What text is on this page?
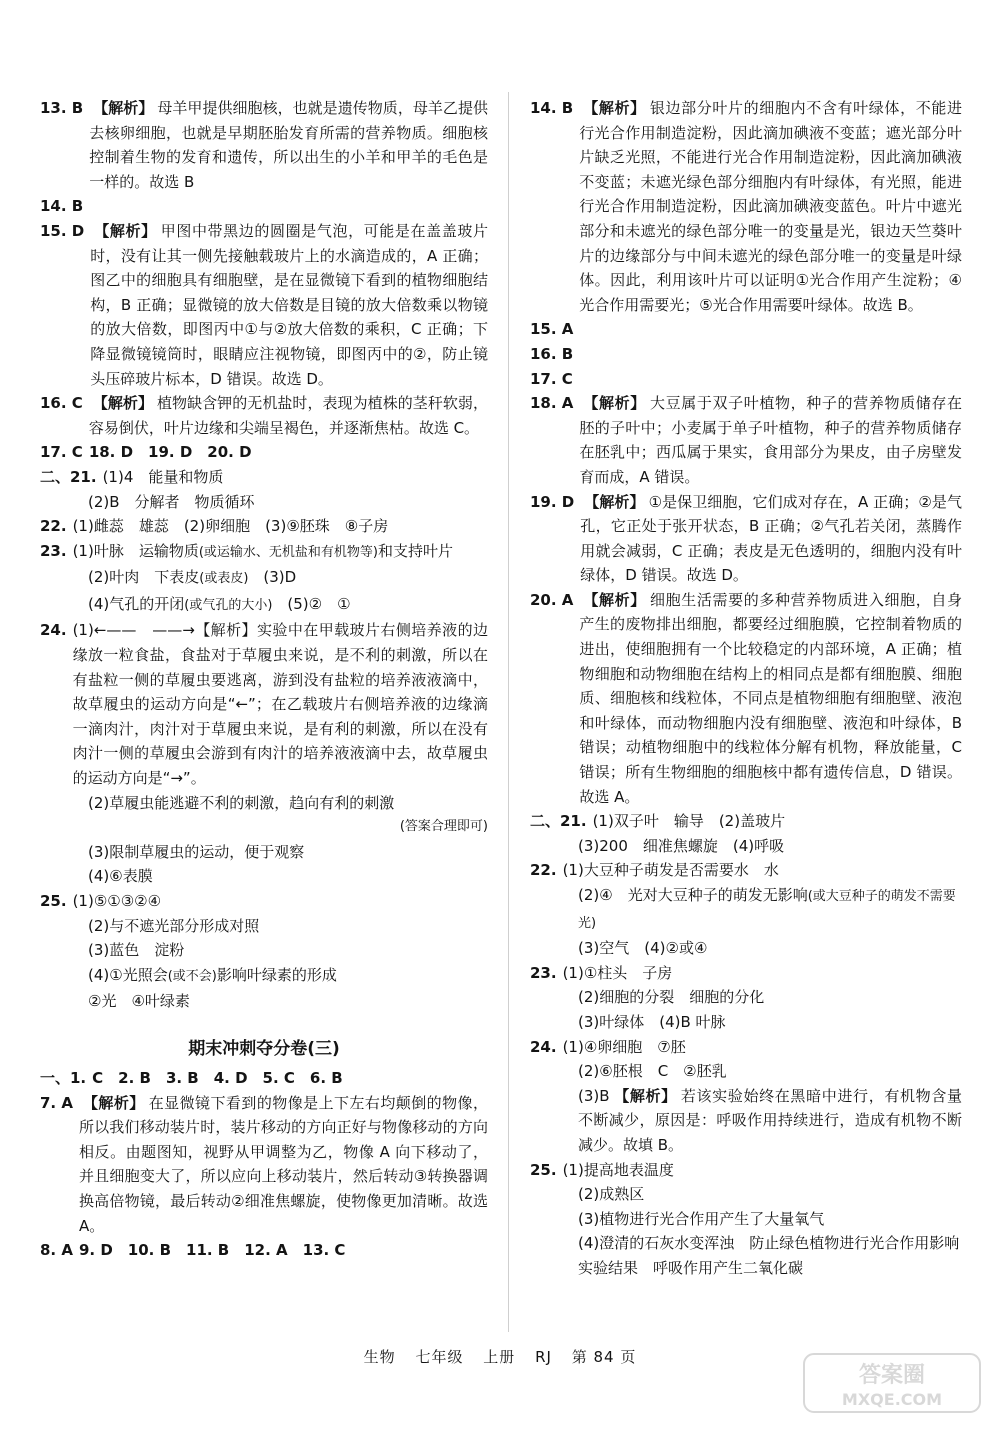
13. B 【解析】 母羊甲提供细胞核，也就是遗传物质，母羊乙提供去核卵细胞，也就是早期胚胎发育所需的营养物质。细胞核控制着生物的发育和遗传，所以出生的小羊和甲羊的毛色是一样的。故选 B
14. B
15. D 【解析】 甲图中带黑边的圆圈是气泡，可能是在盖盖玻片时，没有让其一侧先接触载玻片上的水滴造成的，A 正确；图乙中的细胞具有细胞壁，是在显微镜下看到的植物细胞结构，B 正确；显微镜的放大倍数是目镜的放大倍数乘以物镜的放大倍数，即图丙中①与②放大倍数的乘积，C 正确；下降显微镜镜筒时，眼睛应注视物镜，即图丙中的②，防止镜头压碎玻片标本，D 错误。故选 D。
16. C 【解析】 植物缺含钾的无机盐时，表现为植株的茎秆软弱，容易倒伏，叶片边缘和尖端呈褐色，并逐渐焦枯。故选 C。
17. C 18. D　19. D　20. D
二、21. (1)4　能量和物质
(2)B　分解者　物质循环
22. (1)雌蕊　雄蕊　(2)卵细胞　(3)⑨胚珠　⑧子房
23. (1)叶脉　运输物质(或运输水、无机盐和有机物等)和支持叶片
(2)叶肉　下表皮(或表皮)　(3)D
(4)气孔的开闭(或气孔的大小)　(5)②　①
24. (1)←——　——→【解析】实验中在甲载玻片右侧培养液的边缘放一粒食盐，食盐对于草履虫来说，是不利的刺激，所以在有盐粒一侧的草履虫要逃离，游到没有盐粒的培养液液滴中，故草履虫的运动方向是“←”；在乙载玻片右侧培养液的边缘滴一滴肉汁，肉汁对于草履虫来说，是有利的刺激，所以在没有肉汁一侧的草履虫会游到有肉汁的培养液液滴中去，故草履虫的运动方向是“→”。
(2)草履虫能逃避不利的刺激，趋向有利的刺激
(答案合理即可)
(3)限制草履虫的运动，便于观察
(4)⑥表膜
25. (1)⑤①③②④
(2)与不遮光部分形成对照
(3)蓝色　淀粉
(4)①光照会(或不会)影响叶绿素的形成
②光　④叶绿素
期末冲刺夺分卷(三)
一、1. C　2. B　3. B　4. D　5. C　6. B
7. A 【解析】 在显微镜下看到的物像是上下左右均颠倒的物像，所以我们移动装片时，装片移动的方向正好与物像移动的方向相反。由题图知，视野从甲调整为乙，物像 A 向下移动了，并且细胞变大了，所以应向上移动装片，然后转动③转换器调换高倍物镜，最后转动②细准焦螺旋，使物像更加清晰。故选 A。
8. A 9. D　10. B　11. B　12. A　13. C
14. B 【解析】 银边部分叶片的细胞内不含有叶绿体，不能进行光合作用制造淀粉，因此滴加碘液不变蓝；遮光部分叶片缺乏光照，不能进行光合作用制造淀粉，因此滴加碘液不变蓝；未遮光绿色部分细胞内有叶绿体，有光照，能进行光合作用制造淀粉，因此滴加碘液变蓝色。叶片中遮光部分和未遮光的绿色部分唯一的变量是光，银边天竺葵叶片的边缘部分与中间未遮光的绿色部分唯一的变量是叶绿体。因此，利用该叶片可以证明①光合作用产生淀粉；④光合作用需要光；⑤光合作用需要叶绿体。故选 B。
15. A
16. B
17. C
18. A 【解析】 大豆属于双子叶植物，种子的营养物质储存在胚的子叶中；小麦属于单子叶植物，种子的营养物质储存在胚乳中；西瓜属于果实，食用部分为果皮，由子房壁发育而成，A 错误。
19. D 【解析】 ①是保卫细胞，它们成对存在，A 正确；②是气孔，它正处于张开状态，B 正确；②气孔若关闭，蒸腾作用就会减弱，C 正确；表皮是无色透明的，细胞内没有叶绿体，D 错误。故选 D。
20. A 【解析】 细胞生活需要的多种营养物质进入细胞，自身产生的废物排出细胞，都要经过细胞膜，它控制着物质的进出，使细胞拥有一个比较稳定的内部环境，A 正确；植物细胞和动物细胞在结构上的相同点是都有细胞膜、细胞质、细胞核和线粒体，不同点是植物细胞有细胞壁、液泡和叶绿体，而动物细胞内没有细胞壁、液泡和叶绿体，B 错误；动植物细胞中的线粒体分解有机物，释放能量，C 错误；所有生物细胞的细胞核中都有遗传信息，D 错误。故选 A。
二、21. (1)双子叶　输导　(2)盖玻片
(3)200　细准焦螺旋　(4)呼吸
22. (1)大豆种子萌发是否需要水　水
(2)④　光对大豆种子的萌发无影响(或大豆种子的萌发不需要光)
(3)空气　(4)②或④
23. (1)①柱头　子房
(2)细胞的分裂　细胞的分化
(3)叶绿体　(4)B 叶脉
24. (1)④卵细胞　⑦胚
(2)⑥胚根　C　②胚乳
(3)B 【解析】 若该实验始终在黑暗中进行，有机物含量不断减少，原因是：呼吸作用持续进行，造成有机物不断减少。故填 B。
25. (1)提高地表温度
(2)成熟区
(3)植物进行光合作用产生了大量氧气
(4)澄清的石灰水变浑浊　防止绿色植物进行光合作用影响实验结果　呼吸作用产生二氧化碳
生物 七年级 上册 RJ 第 84 页
答案圈
MXQE.COM
